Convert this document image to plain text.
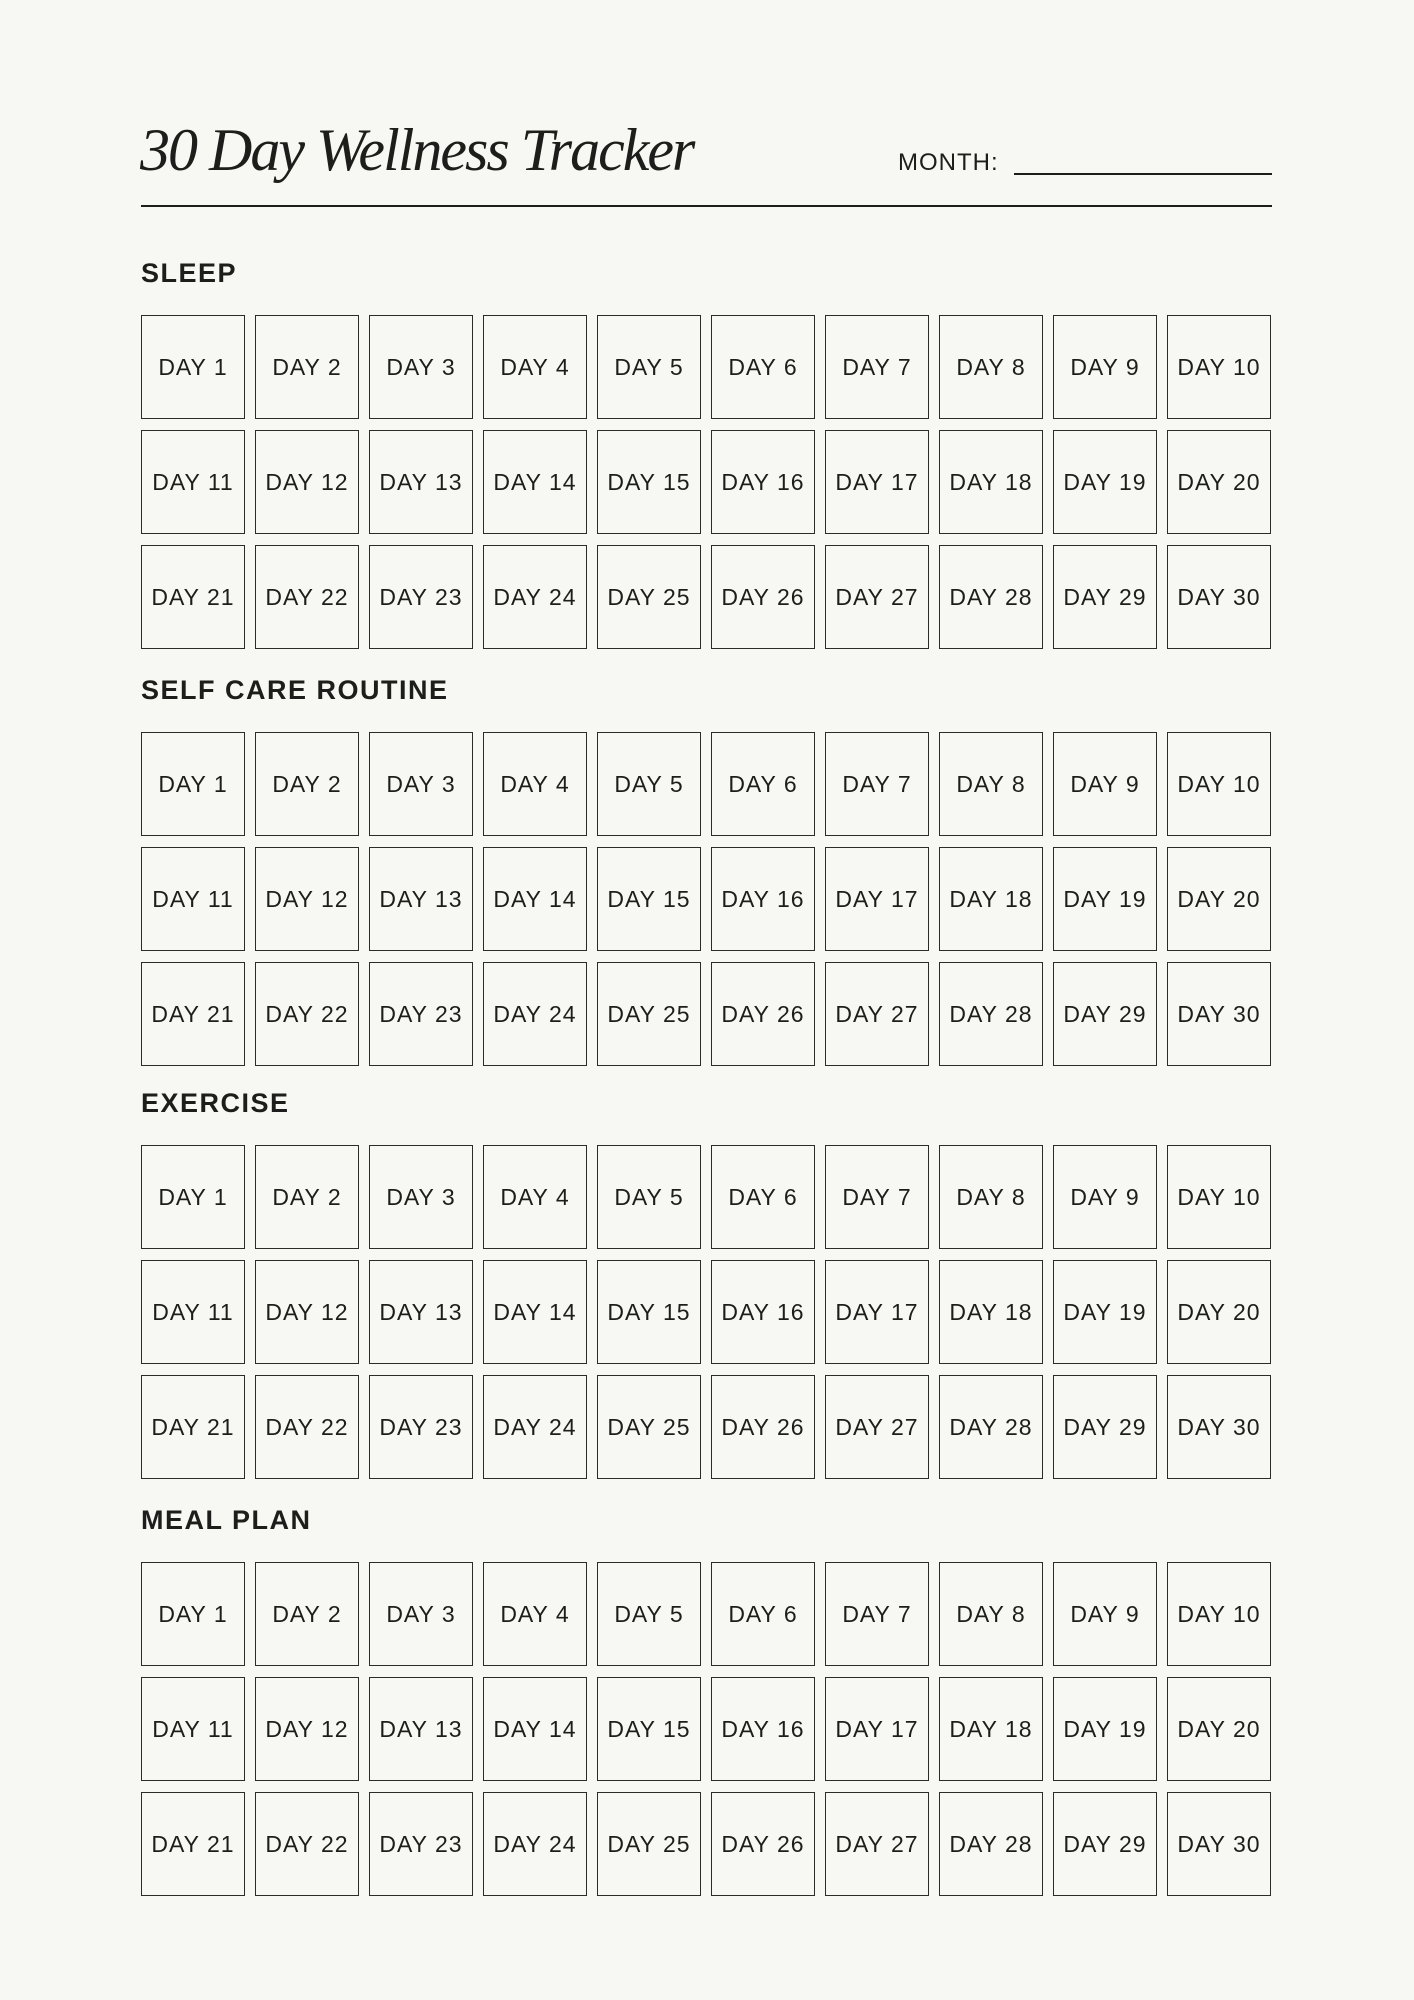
30 Day Wellness Tracker	MONTH:
SLEEP
DAY 1	DAY 2	DAY 3	DAY 4	DAY 5	DAY 6	DAY 7	DAY 8	DAY 9	DAY 10
DAY 11	DAY 12	DAY 13	DAY 14	DAY 15	DAY 16	DAY 17	DAY 18	DAY 19	DAY 20
DAY 21	DAY 22	DAY 23	DAY 24	DAY 25	DAY 26	DAY 27	DAY 28	DAY 29	DAY 30
SELF CARE ROUTINE
DAY 1	DAY 2	DAY 3	DAY 4	DAY 5	DAY 6	DAY 7	DAY 8	DAY 9	DAY 10
DAY 11	DAY 12	DAY 13	DAY 14	DAY 15	DAY 16	DAY 17	DAY 18	DAY 19	DAY 20
DAY 21	DAY 22	DAY 23	DAY 24	DAY 25	DAY 26	DAY 27	DAY 28	DAY 29	DAY 30
EXERCISE
DAY 1	DAY 2	DAY 3	DAY 4	DAY 5	DAY 6	DAY 7	DAY 8	DAY 9	DAY 10
DAY 11	DAY 12	DAY 13	DAY 14	DAY 15	DAY 16	DAY 17	DAY 18	DAY 19	DAY 20
DAY 21	DAY 22	DAY 23	DAY 24	DAY 25	DAY 26	DAY 27	DAY 28	DAY 29	DAY 30
MEAL PLAN
DAY 1	DAY 2	DAY 3	DAY 4	DAY 5	DAY 6	DAY 7	DAY 8	DAY 9	DAY 10
DAY 11	DAY 12	DAY 13	DAY 14	DAY 15	DAY 16	DAY 17	DAY 18	DAY 19	DAY 20
DAY 21	DAY 22	DAY 23	DAY 24	DAY 25	DAY 26	DAY 27	DAY 28	DAY 29	DAY 30
